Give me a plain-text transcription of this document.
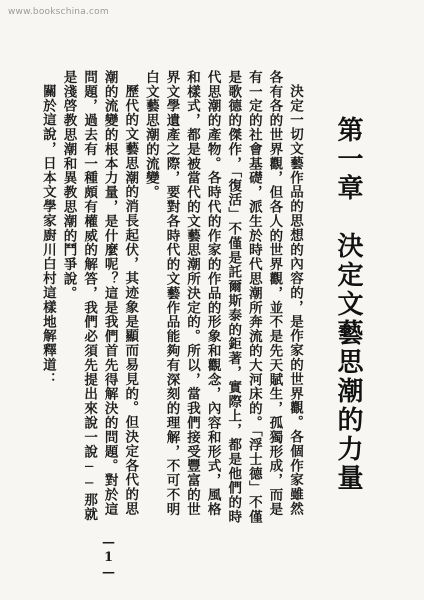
www.bookschina.com
第一章　決定文藝思潮的力量

決定一切文藝作品的思想的內容的，是作家的世界觀。各個作家雖然各有各的世界觀，但各人的世界觀，並不是先天賦生，孤獨形成，而是有一定的社會基礎，派生於時代思潮所奔流的大河床的。「浮士德」不僅是歌德的傑作，「復活」不僅是託爾斯泰的鉅著，實際上，都是他們的時代思潮的產物。各時代的作家的作品的形象和觀念，內容和形式，風格和樣式，都是被當代的文藝思潮所決定的。所以，當我們接受豐富的世界文學遺產之際，要對各時代的文藝作品能夠有深刻的理解，不可不明白文藝思潮的流變。

歷代的文藝思潮的消長起伏，其迹象是顯而易見的。但決定各代的思潮的流變的根本力量，是什麼呢？這是我們首先得解決的問題。對於這問題，過去有一種頗有權威的解答，我們必須先提出來說一說──那就是淺啓教思潮和異教思潮的鬥爭說。

關於這說，日本文學家廚川白村這樣地解釋道：

—1—
